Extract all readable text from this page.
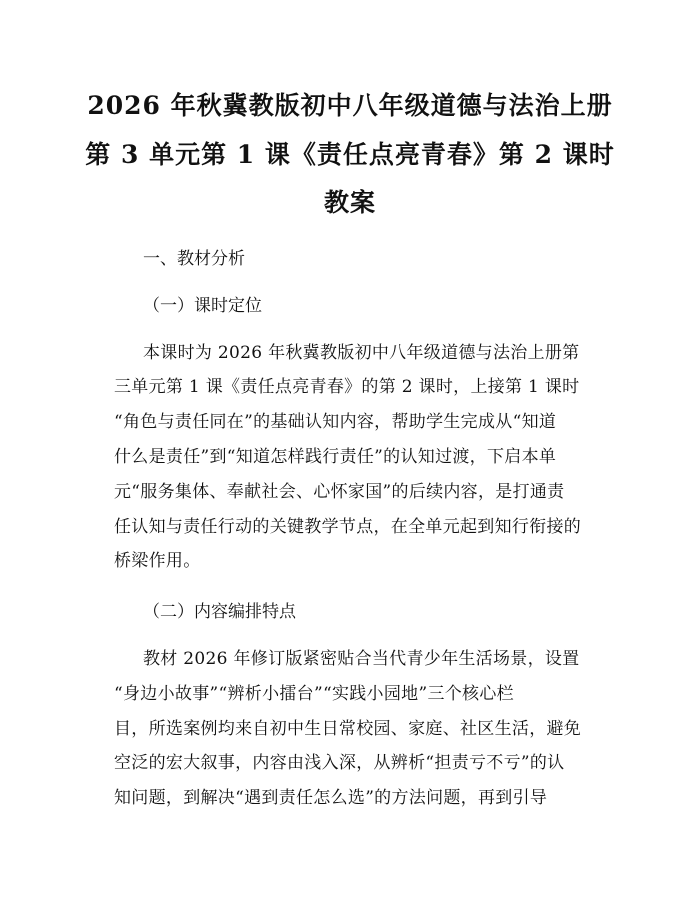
2026 年秋冀教版初中八年级道德与法治上册
第 3 单元第 1 课《责任点亮青春》第 2 课时
教案
一、教材分析
（一）课时定位
本课时为 2026 年秋冀教版初中八年级道德与法治上册第
三单元第 1 课《责任点亮青春》的第 2 课时，上接第 1 课时
“角色与责任同在”的基础认知内容，帮助学生完成从“知道
什么是责任”到“知道怎样践行责任”的认知过渡，下启本单
元“服务集体、奉献社会、心怀家国”的后续内容，是打通责
任认知与责任行动的关键教学节点，在全单元起到知行衔接的
桥梁作用。
（二）内容编排特点
教材 2026 年修订版紧密贴合当代青少年生活场景，设置
“身边小故事”“辨析小擂台”“实践小园地”三个核心栏
目，所选案例均来自初中生日常校园、家庭、社区生活，避免
空泛的宏大叙事，内容由浅入深，从辨析“担责亏不亏”的认
知问题，到解决“遇到责任怎么选”的方法问题，再到引导
